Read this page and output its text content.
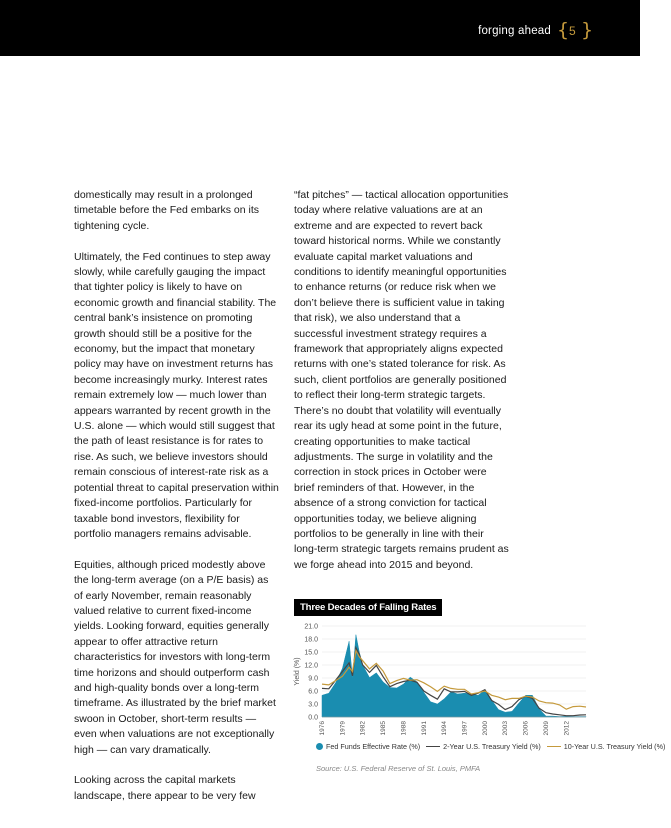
forging ahead { 5 }

domestically may result in a prolonged timetable before the Fed embarks on its tightening cycle.

Ultimately, the Fed continues to step away slowly, while carefully gauging the impact that tighter policy is likely to have on economic growth and financial stability. The central bank’s insistence on promoting growth should still be a positive for the economy, but the impact that monetary policy may have on investment returns has become increasingly murky. Interest rates remain extremely low — much lower than appears warranted by recent growth in the U.S. alone — which would still suggest that the path of least resistance is for rates to rise. As such, we believe investors should remain conscious of interest-rate risk as a potential threat to capital preservation within fixed-income portfolios. Particularly for taxable bond investors, flexibility for portfolio managers remains advisable.

Equities, although priced modestly above the long-term average (on a P/E basis) as of early November, remain reasonably valued relative to current fixed-income yields. Looking forward, equities generally appear to offer attractive return characteristics for investors with long-term time horizons and should outperform cash and high-quality bonds over a long-term timeframe. As illustrated by the brief market swoon in October, short-term results — even when valuations are not exceptionally high — can vary dramatically.

Looking across the capital markets landscape, there appear to be very few

“fat pitches” — tactical allocation opportunities today where relative valuations are at an extreme and are expected to revert back toward historical norms. While we constantly evaluate capital market valuations and conditions to identify meaningful opportunities to enhance returns (or reduce risk when we don’t believe there is sufficient value in taking that risk), we also understand that a successful investment strategy requires a framework that appropriately aligns expected returns with one’s stated tolerance for risk. As such, client portfolios are generally positioned to reflect their long-term strategic targets. There’s no doubt that volatility will eventually rear its ugly head at some point in the future, creating opportunities to make tactical adjustments. The surge in volatility and the correction in stock prices in October were brief reminders of that. However, in the absence of a strong conviction for tactical opportunities today, we believe aligning portfolios to be generally in line with their long-term strategic targets remains prudent as we forge ahead into 2015 and beyond.

Three Decades of Falling Rates
0.0
3.0
6.0
9.0
12.0
15.0
18.0
21.0
Yield (%)
1976 1979 1982 1985 1988 1991 1994 1997 2000 2003 2006 2009 2012
Fed Funds Effective Rate (%)	2-Year U.S. Treasury Yield (%)	10-Year U.S. Treasury Yield (%)
Source: U.S. Federal Reserve of St. Louis, PMFA
